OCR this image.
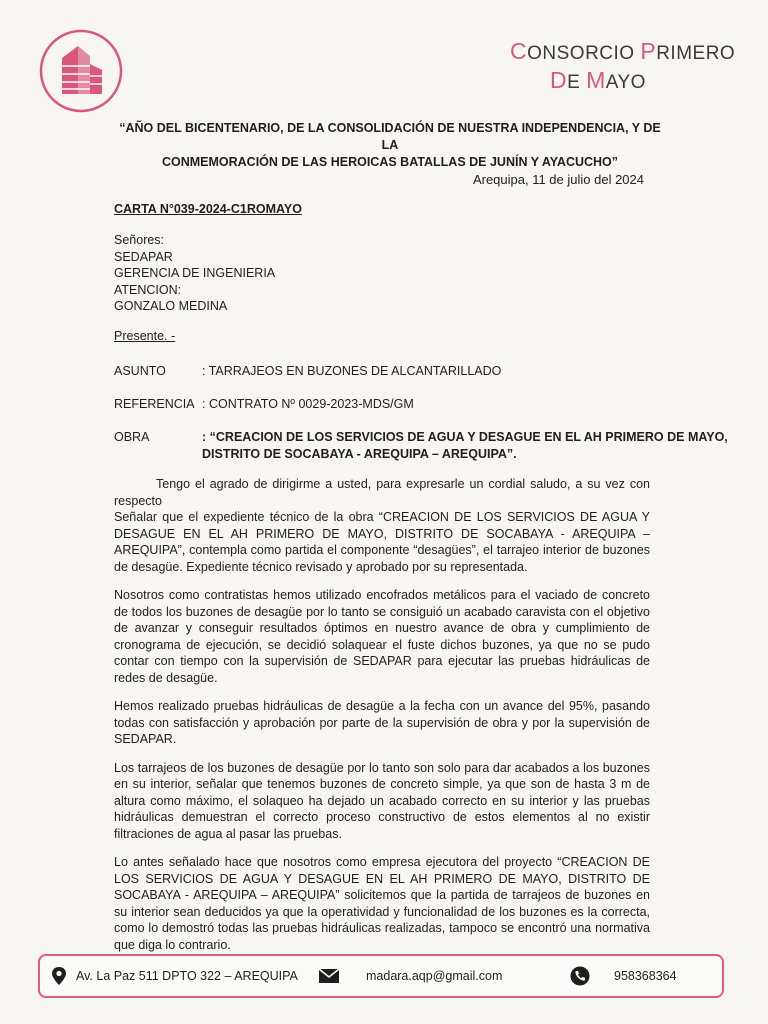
CONSORCIO PRIMERO
DE MAYO
“AÑO DEL BICENTENARIO, DE LA CONSOLIDACIÓN DE NUESTRA INDEPENDENCIA, Y DE LA
CONMEMORACIÓN DE LAS HEROICAS BATALLAS DE JUNÍN Y AYACUCHO”
Arequipa, 11 de julio del 2024
CARTA N°039-2024-C1ROMAYO
Señores:
SEDAPAR
GERENCIA DE INGENIERIA
ATENCION:
GONZALO MEDINA
Presente. -
ASUNTO	: TARRAJEOS EN BUZONES DE ALCANTARILLADO
REFERENCIA : CONTRATO Nº 0029-2023-MDS/GM
OBRA	: “CREACION DE LOS SERVICIOS DE AGUA Y DESAGUE EN EL AH PRIMERO DE MAYO, DISTRITO DE SOCABAYA - AREQUIPA – AREQUIPA”.

Tengo el agrado de dirigirme a usted, para expresarle un cordial saludo, a su vez con respecto

Señalar que el expediente técnico de la obra “CREACION DE LOS SERVICIOS DE AGUA Y DESAGUE EN EL AH PRIMERO DE MAYO, DISTRITO DE SOCABAYA - AREQUIPA – AREQUIPA”, contempla como partida el componente “desagües”, el tarrajeo interior de buzones de desagüe. Expediente técnico revisado y aprobado por su representada.

Nosotros como contratistas hemos utilizado encofrados metálicos para el vaciado de concreto de todos los buzones de desagüe por lo tanto se consiguió un acabado caravista con el objetivo de avanzar y conseguir resultados óptimos en nuestro avance de obra y cumplimiento de cronograma de ejecución, se decidió solaquear el fuste dichos buzones, ya que no se pudo contar con tiempo con la supervisión de SEDAPAR para ejecutar las pruebas hidráulicas de redes de desagüe.

Hemos realizado pruebas hidráulicas de desagüe a la fecha con un avance del 95%, pasando todas con satisfacción y aprobación por parte de la supervisión de obra y por la supervisión de SEDAPAR.

Los tarrajeos de los buzones de desagüe por lo tanto son solo para dar acabados a los buzones en su interior, señalar que tenemos buzones de concreto simple, ya que son de hasta 3 m de altura como máximo, el solaqueo ha dejado un acabado correcto en su interior y las pruebas hidráulicas demuestran el correcto proceso constructivo de estos elementos al no existir filtraciones de agua al pasar las pruebas.

Lo antes señalado hace que nosotros como empresa ejecutora del proyecto “CREACION DE LOS SERVICIOS DE AGUA Y DESAGUE EN EL AH PRIMERO DE MAYO, DISTRITO DE SOCABAYA - AREQUIPA – AREQUIPA” solicitemos que la partida de tarrajeos de buzones en su interior sean deducidos ya que la operatividad y funcionalidad de los buzones es la correcta, como lo demostró todas las pruebas hidráulicas realizadas, tampoco se encontró una normativa que diga lo contrario.

Av. La Paz 511 DPTO 322 – AREQUIPA	madara.aqp@gmail.com	958368364
